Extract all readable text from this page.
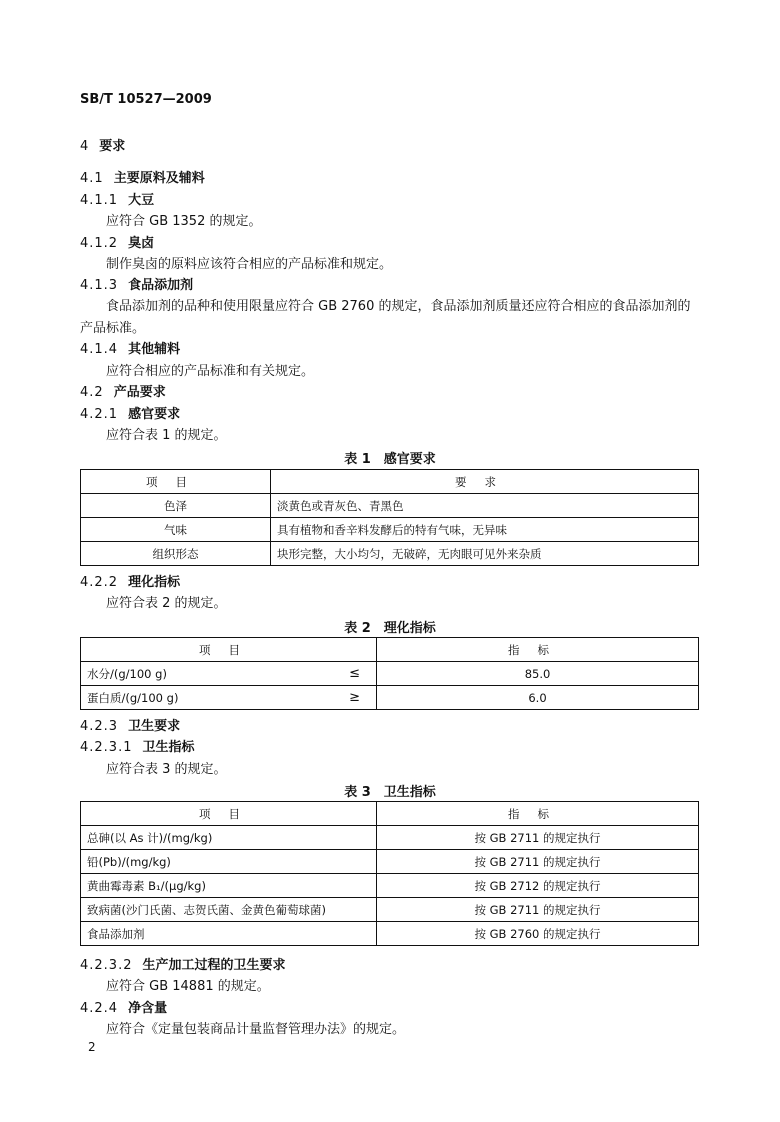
SB/T 10527—2009
4 要求
4.1 主要原料及辅料
4.1.1 大豆
应符合 GB 1352 的规定。
4.1.2 臭卤
制作臭卤的原料应该符合相应的产品标准和规定。
4.1.3 食品添加剂
食品添加剂的品种和使用限量应符合 GB 2760 的规定，食品添加剂质量还应符合相应的食品添加剂的产品标准。
4.1.4 其他辅料
应符合相应的产品标准和有关规定。
4.2 产品要求
4.2.1 感官要求
应符合表 1 的规定。
表 1　感官要求
项目	要求
色泽	淡黄色或青灰色、青黑色
气味	具有植物和香辛料发酵后的特有气味，无异味
组织形态	块形完整，大小均匀，无破碎，无肉眼可见外来杂质
4.2.2 理化指标
应符合表 2 的规定。
表 2　理化指标
项目	指标
水分/(g/100 g) ≤	85.0
蛋白质/(g/100 g) ≥	6.0
4.2.3 卫生要求
4.2.3.1 卫生指标
应符合表 3 的规定。
表 3　卫生指标
项目	指标
总砷(以 As 计)/(mg/kg)	按 GB 2711 的规定执行
铅(Pb)/(mg/kg)	按 GB 2711 的规定执行
黄曲霉毒素 B₁/(μg/kg)	按 GB 2712 的规定执行
致病菌(沙门氏菌、志贺氏菌、金黄色葡萄球菌)	按 GB 2711 的规定执行
食品添加剂	按 GB 2760 的规定执行
4.2.3.2 生产加工过程的卫生要求
应符合 GB 14881 的规定。
4.2.4 净含量
应符合《定量包装商品计量监督管理办法》的规定。
2
